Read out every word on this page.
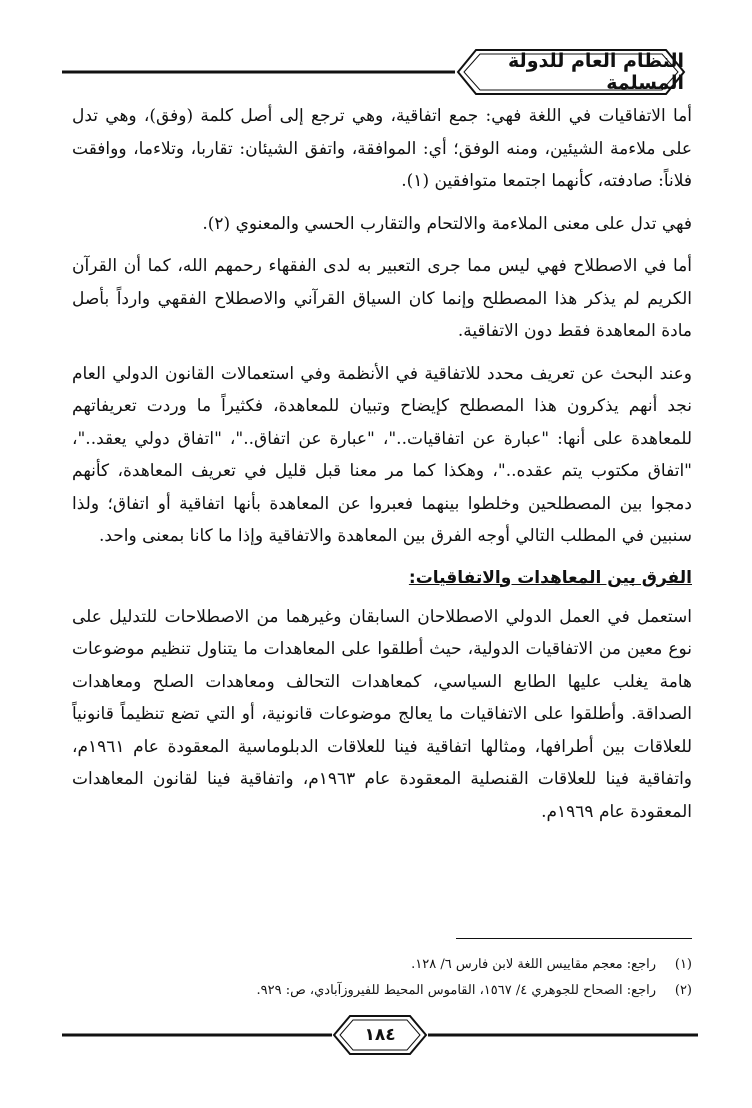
النظام العام للدولة المسلمة

أما الاتفاقيات في اللغة فهي: جمع اتفاقية، وهي ترجع إلى أصل كلمة (وفق)، وهي تدل على ملاءمة الشيئين، ومنه الوفق؛ أي: الموافقة، واتفق الشيئان: تقاربا، وتلاءما، ووافقت فلاناً: صادفته، كأنهما اجتمعا متوافقين (١).

فهي تدل على معنى الملاءمة والالتحام والتقارب الحسي والمعنوي (٢).

أما في الاصطلاح فهي ليس مما جرى التعبير به لدى الفقهاء رحمهم الله، كما أن القرآن الكريم لم يذكر هذا المصطلح وإنما كان السياق القرآني والاصطلاح الفقهي وارداً بأصل مادة المعاهدة فقط دون الاتفاقية.

وعند البحث عن تعريف محدد للاتفاقية في الأنظمة وفي استعمالات القانون الدولي العام نجد أنهم يذكرون هذا المصطلح كإيضاح وتبيان للمعاهدة، فكثيراً ما وردت تعريفاتهم للمعاهدة على أنها: "عبارة عن اتفاقيات.."، "عبارة عن اتفاق.."، "اتفاق دولي يعقد.."، "اتفاق مكتوب يتم عقده.."، وهكذا كما مر معنا قبل قليل في تعريف المعاهدة، كأنهم دمجوا بين المصطلحين وخلطوا بينهما فعبروا عن المعاهدة بأنها اتفاقية أو اتفاق؛ ولذا سنبين في المطلب التالي أوجه الفرق بين المعاهدة والاتفاقية وإذا ما كانا بمعنى واحد.

الفرق بين المعاهدات والاتفاقيات:

استعمل في العمل الدولي الاصطلاحان السابقان وغيرهما من الاصطلاحات للتدليل على نوع معين من الاتفاقيات الدولية، حيث أطلقوا على المعاهدات ما يتناول تنظيم موضوعات هامة يغلب عليها الطابع السياسي، كمعاهدات التحالف ومعاهدات الصلح ومعاهدات الصداقة. وأطلقوا على الاتفاقيات ما يعالج موضوعات قانونية، أو التي تضع تنظيماً قانونياً للعلاقات بين أطرافها، ومثالها اتفاقية فينا للعلاقات الدبلوماسية المعقودة عام ١٩٦١م، واتفاقية فينا للعلاقات القنصلية المعقودة عام ١٩٦٣م، واتفاقية فينا لقانون المعاهدات المعقودة عام ١٩٦٩م.

(١)
راجع: معجم مقاييس اللغة لابن فارس ٦/ ١٢٨.
(٢)
راجع: الصحاح للجوهري ٤/ ١٥٦٧، القاموس المحيط للفيروزآبادي، ص: ٩٢٩.
١٨٤
